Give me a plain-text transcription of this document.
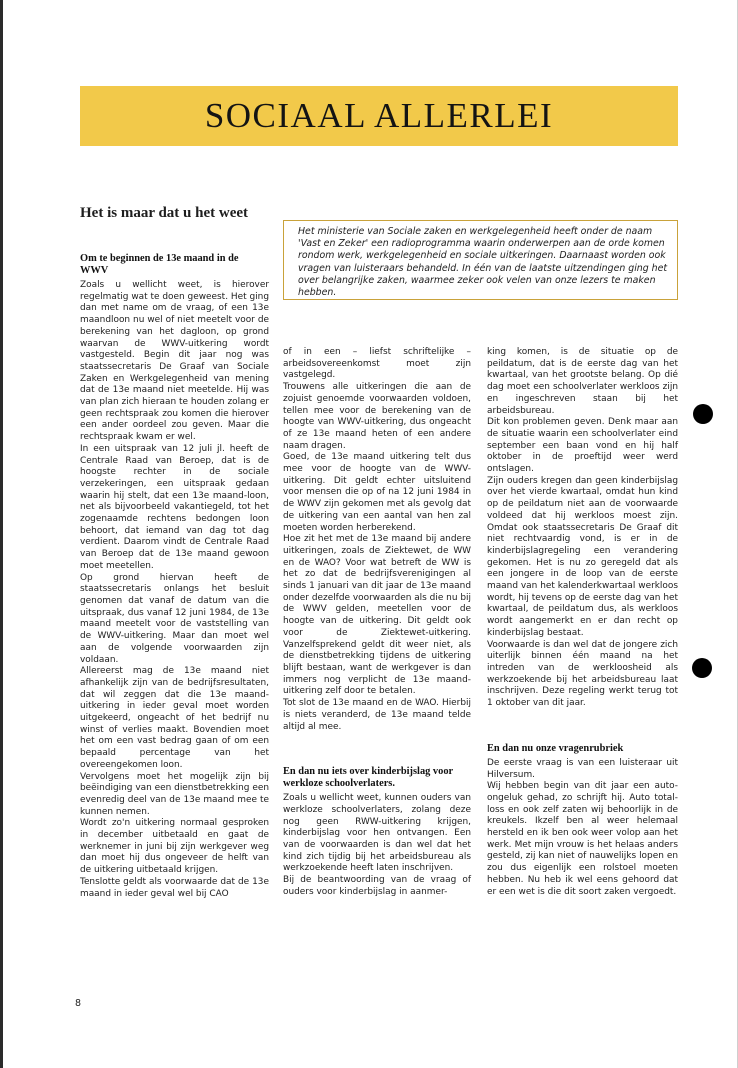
SOCIAAL ALLERLEI
Het is maar dat u het weet

Het ministerie van Sociale zaken en werkgelegenheid heeft onder de naam 'Vast en Zeker' een radioprogramma waarin onderwerpen aan de orde komen rondom werk, werkgelegenheid en sociale uitkeringen. Daarnaast worden ook vragen van luisteraars behandeld. In één van de laatste uitzendingen ging het over belangrijke zaken, waarmee zeker ook velen van onze lezers te maken hebben.

Om te beginnen de 13e maand in de WWV

Zoals u wellicht weet, is hierover regelmatig wat te doen geweest. Het ging dan met name om de vraag, of een 13e maandloon nu wel of niet meetelt voor de berekening van het dagloon, op grond waarvan de WWV-uitkering wordt vastgesteld. Begin dit jaar nog was staatssecretaris De Graaf van Sociale Zaken en Werkgelegenheid van mening dat de 13e maand niet meetelde. Hij was van plan zich hieraan te houden zolang er geen rechtspraak zou komen die hierover een ander oordeel zou geven. Maar die rechtspraak kwam er wel.

In een uitspraak van 12 juli jl. heeft de Centrale Raad van Beroep, dat is de hoogste rechter in de sociale verzekeringen, een uitspraak gedaan waarin hij stelt, dat een 13e maand-loon, net als bijvoorbeeld vakantiegeld, tot het zogenaamde rechtens bedongen loon behoort, dat iemand van dag tot dag verdient. Daarom vindt de Centrale Raad van Beroep dat de 13e maand gewoon moet meetellen.

Op grond hiervan heeft de staatssecretaris onlangs het besluit genomen dat vanaf de datum van die uitspraak, dus vanaf 12 juni 1984, de 13e maand meetelt voor de vaststelling van de WWV-uitkering. Maar dan moet wel aan de volgende voorwaarden zijn voldaan.

Allereerst mag de 13e maand niet afhankelijk zijn van de bedrijfsresultaten, dat wil zeggen dat die 13e maand-uitkering in ieder geval moet worden uitgekeerd, ongeacht of het bedrijf nu winst of verlies maakt. Bovendien moet het om een vast bedrag gaan of om een bepaald percentage van het overeengekomen loon.

Vervolgens moet het mogelijk zijn bij beëindiging van een dienstbetrekking een evenredig deel van de 13e maand mee te kunnen nemen.

Wordt zo'n uitkering normaal gesproken in december uitbetaald en gaat de werknemer in juni bij zijn werkgever weg dan moet hij dus ongeveer de helft van de uitkering uitbetaald krijgen.

Tenslotte geldt als voorwaarde dat de 13e maand in ieder geval wel bij CAO

of in een – liefst schriftelijke – arbeidsovereenkomst moet zijn vastgelegd.

Trouwens alle uitkeringen die aan de zojuist genoemde voorwaarden voldoen, tellen mee voor de berekening van de hoogte van WWV-uitkering, dus ongeacht of ze 13e maand heten of een andere naam dragen.

Goed, de 13e maand uitkering telt dus mee voor de hoogte van de WWV-uitkering. Dit geldt echter uitsluitend voor mensen die op of na 12 juni 1984 in de WWV zijn gekomen met als gevolg dat de uitkering van een aantal van hen zal moeten worden herberekend.

Hoe zit het met de 13e maand bij andere uitkeringen, zoals de Ziektewet, de WW en de WAO? Voor wat betreft de WW is het zo dat de bedrijfsverenigingen al sinds 1 januari van dit jaar de 13e maand onder dezelfde voorwaarden als die nu bij de WWV gelden, meetellen voor de hoogte van de uitkering. Dit geldt ook voor de Ziektewet-uitkering. Vanzelfsprekend geldt dit weer niet, als de dienstbetrekking tijdens de uitkering blijft bestaan, want de werkgever is dan immers nog verplicht de 13e maand-uitkering zelf door te betalen.

Tot slot de 13e maand en de WAO. Hierbij is niets veranderd, de 13e maand telde altijd al mee.

En dan nu iets over kinderbijslag voor werkloze schoolverlaters.

Zoals u wellicht weet, kunnen ouders van werkloze schoolverlaters, zolang deze nog geen RWW-uitkering krijgen, kinderbijslag voor hen ontvangen. Een van de voorwaarden is dan wel dat het kind zich tijdig bij het arbeidsbureau als werkzoekende heeft laten inschrijven.

Bij de beantwoording van de vraag of ouders voor kinderbijslag in aanmer-

king komen, is de situatie op de peildatum, dat is de eerste dag van het kwartaal, van het grootste belang. Op dié dag moet een schoolverlater werkloos zijn en ingeschreven staan bij het arbeidsbureau.

Dit kon problemen geven. Denk maar aan de situatie waarin een schoolverlater eind september een baan vond en hij half oktober in de proeftijd weer werd ontslagen.

Zijn ouders kregen dan geen kinderbijslag over het vierde kwartaal, omdat hun kind op de peildatum niet aan de voorwaarde voldeed dat hij werkloos moest zijn. Omdat ook staatssecretaris De Graaf dit niet rechtvaardig vond, is er in de kinderbijslagregeling een verandering gekomen. Het is nu zo geregeld dat als een jongere in de loop van de eerste maand van het kalenderkwartaal werkloos wordt, hij tevens op de eerste dag van het kwartaal, de peildatum dus, als werkloos wordt aangemerkt en er dan recht op kinderbijslag bestaat.

Voorwaarde is dan wel dat de jongere zich uiterlijk binnen één maand na het intreden van de werkloosheid als werkzoekende bij het arbeidsbureau laat inschrijven. Deze regeling werkt terug tot 1 oktober van dit jaar.

En dan nu onze vragenrubriek

De eerste vraag is van een luisteraar uit Hilversum.

Wij hebben begin van dit jaar een auto-ongeluk gehad, zo schrijft hij. Auto total-loss en ook zelf zaten wij behoorlijk in de kreukels. Ikzelf ben al weer helemaal hersteld en ik ben ook weer volop aan het werk. Met mijn vrouw is het helaas anders gesteld, zij kan niet of nauwelijks lopen en zou dus eigenlijk een rolstoel moeten hebben. Nu heb ik wel eens gehoord dat er een wet is die dit soort zaken vergoedt.

8
